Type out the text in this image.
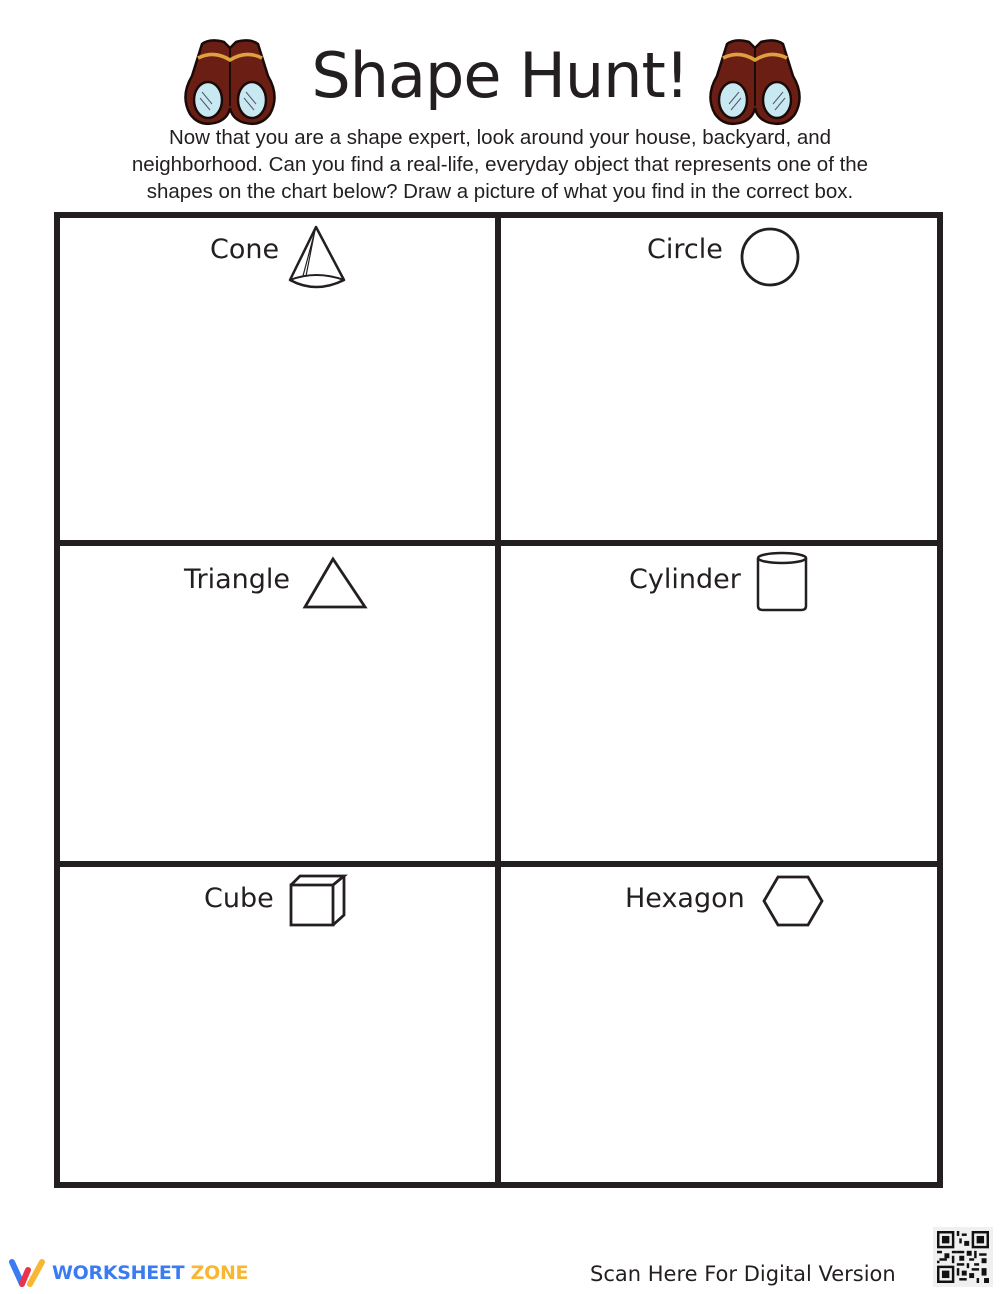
Shape Hunt!
Now that you are a shape expert, look around your house, backyard, and
neighborhood. Can you find a real-life, everyday object that represents one of the
shapes on the chart below? Draw a picture of what you find in the correct box.
Cone	Circle
Triangle	Cylinder
Cube	Hexagon
WORKSHEET ZONE	Scan Here For Digital Version
